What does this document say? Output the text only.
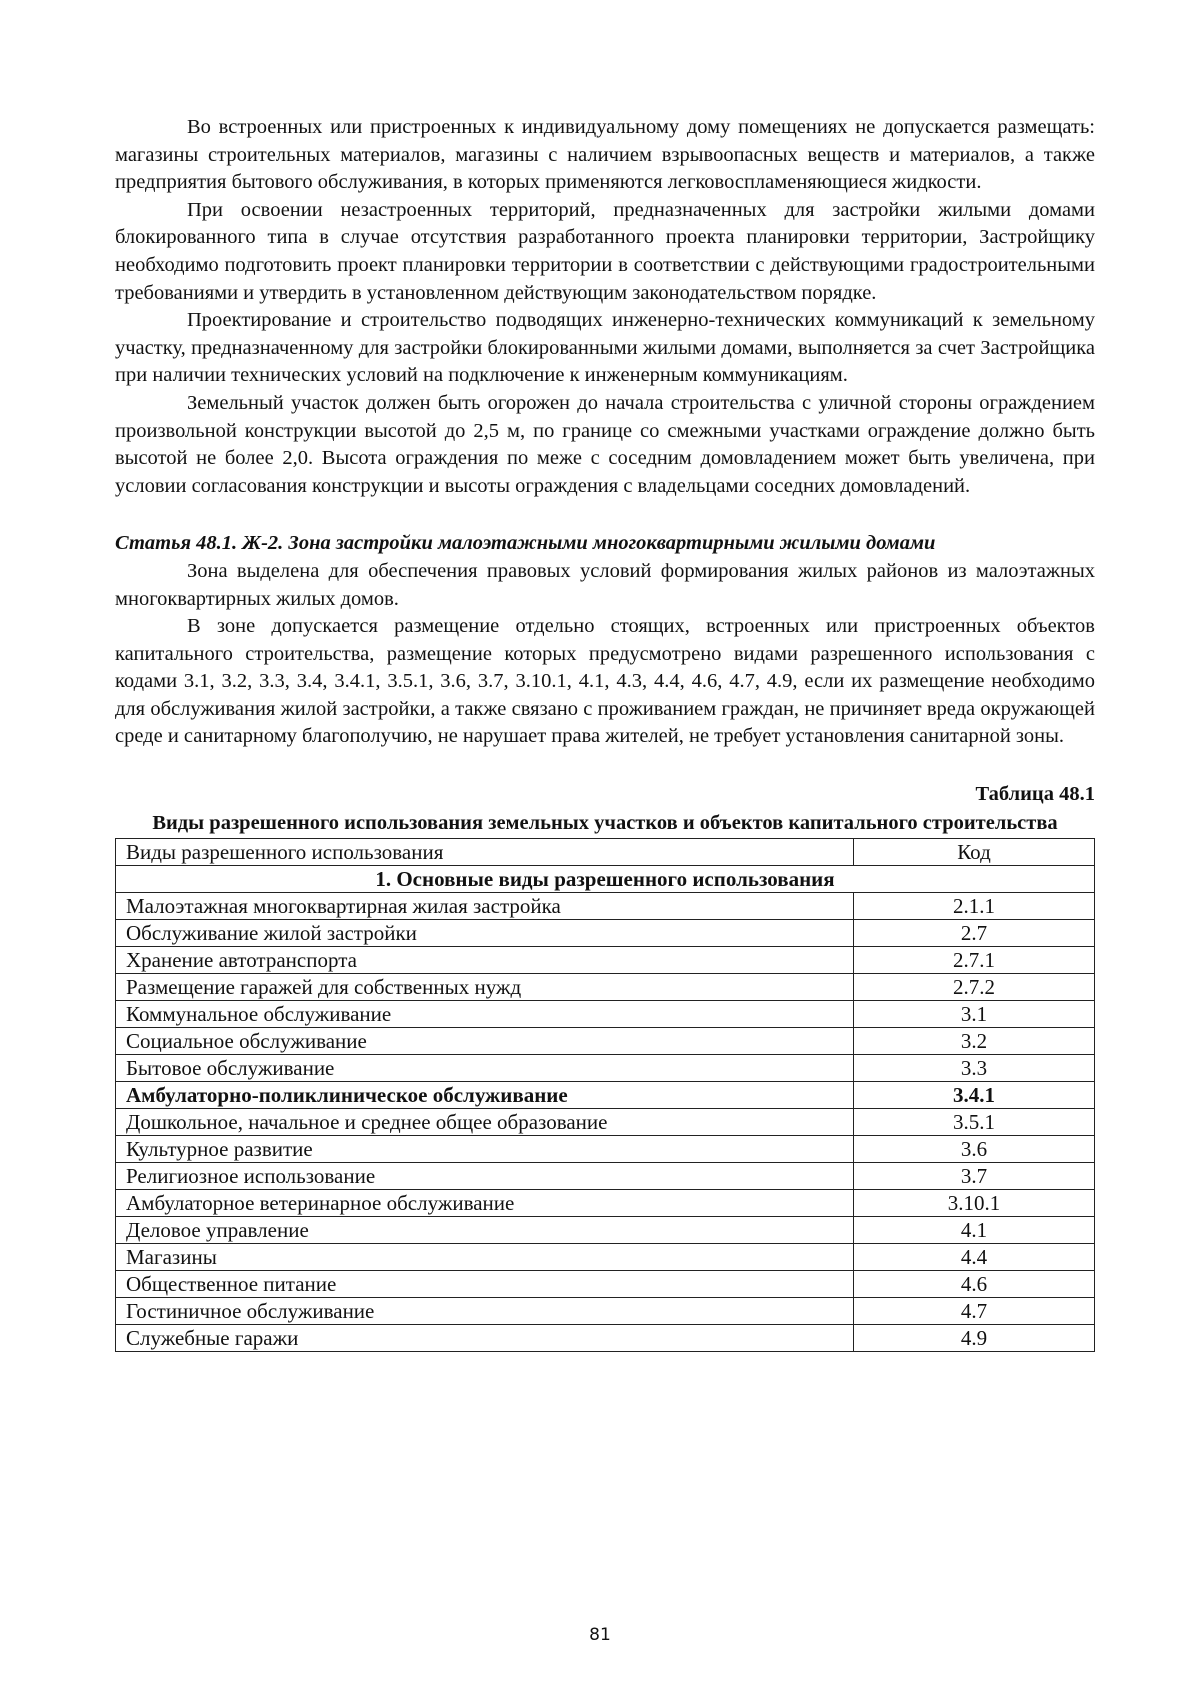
Во встроенных или пристроенных к индивидуальному дому помещениях не допускается размещать: магазины строительных материалов, магазины с наличием взрывоопасных веществ и материалов, а также предприятия бытового обслуживания, в которых применяются легковоспламеняющиеся жидкости.

При освоении незастроенных территорий, предназначенных для застройки жилыми домами блокированного типа в случае отсутствия разработанного проекта планировки территории, Застройщику необходимо подготовить проект планировки территории в соответствии с действующими градостроительными требованиями и утвердить в установленном действующим законодательством порядке.

Проектирование и строительство подводящих инженерно-технических коммуникаций к земельному участку, предназначенному для застройки блокированными жилыми домами, выполняется за счет Застройщика при наличии технических условий на подключение к инженерным коммуникациям.

Земельный участок должен быть огорожен до начала строительства с уличной стороны ограждением произвольной конструкции высотой до 2,5 м, по границе со смежными участками ограждение должно быть высотой не более 2,0. Высота ограждения по меже с соседним домовладением может быть увеличена, при условии согласования конструкции и высоты ограждения с владельцами соседних домовладений.

Статья 48.1. Ж-2. Зона застройки малоэтажными многоквартирными жилыми домами

Зона выделена для обеспечения правовых условий формирования жилых районов из малоэтажных многоквартирных жилых домов.

В зоне допускается размещение отдельно стоящих, встроенных или пристроенных объектов капитального строительства, размещение которых предусмотрено видами разрешенного использования с кодами 3.1, 3.2, 3.3, 3.4, 3.4.1, 3.5.1, 3.6, 3.7, 3.10.1, 4.1, 4.3, 4.4, 4.6, 4.7, 4.9, если их размещение необходимо для обслуживания жилой застройки, а также связано с проживанием граждан, не причиняет вреда окружающей среде и санитарному благополучию, не нарушает права жителей, не требует установления санитарной зоны.

Таблица 48.1
Виды разрешенного использования земельных участков и объектов капитального строительства
Виды разрешенного использования	Код
1. Основные виды разрешенного использования	
Малоэтажная многоквартирная жилая застройка	2.1.1
Обслуживание жилой застройки	2.7
Хранение автотранспорта	2.7.1
Размещение гаражей для собственных нужд	2.7.2
Коммунальное обслуживание	3.1
Социальное обслуживание	3.2
Бытовое обслуживание	3.3
Амбулаторно-поликлиническое обслуживание	3.4.1
Дошкольное, начальное и среднее общее образование	3.5.1
Культурное развитие	3.6
Религиозное использование	3.7
Амбулаторное ветеринарное обслуживание	3.10.1
Деловое управление	4.1
Магазины	4.4
Общественное питание	4.6
Гостиничное обслуживание	4.7
Служебные гаражи	4.9
81
